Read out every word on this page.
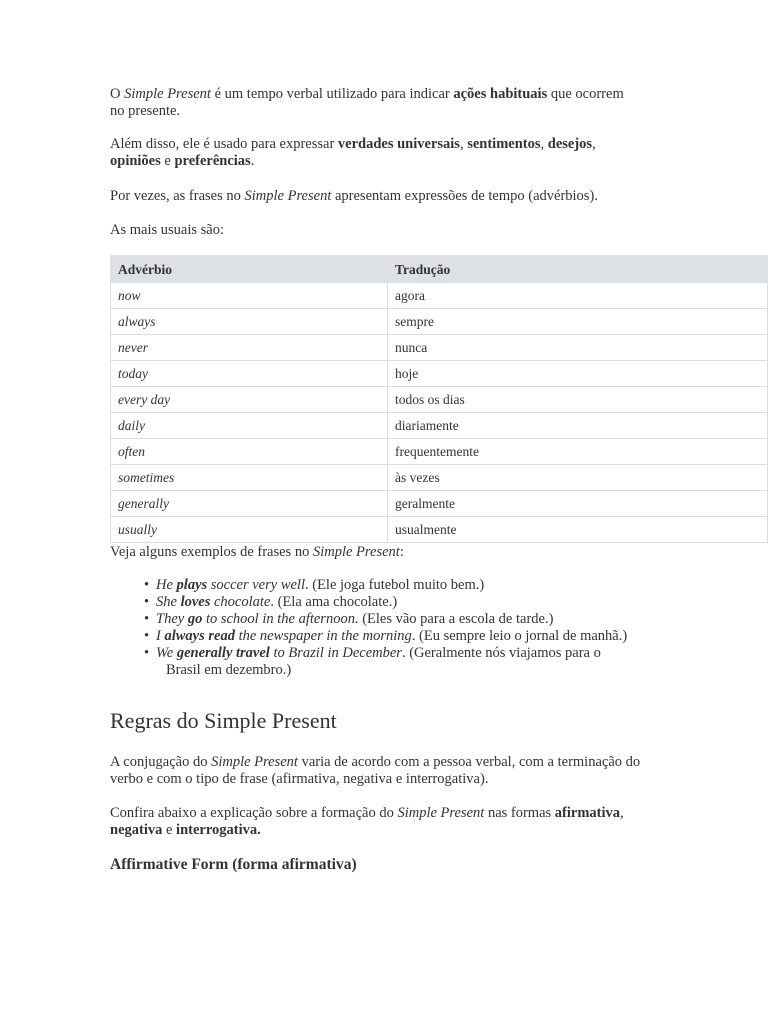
O Simple Present é um tempo verbal utilizado para indicar ações habituais que ocorrem no presente.

Além disso, ele é usado para expressar verdades universais, sentimentos, desejos, opiniões e preferências.

Por vezes, as frases no Simple Present apresentam expressões de tempo (advérbios).

As mais usuais são:

Advérbio	Tradução
now	agora
always	sempre
never	nunca
today	hoje
every day	todos os dias
daily	diariamente
often	frequentemente
sometimes	às vezes
generally	geralmente
usually	usualmente

Veja alguns exemplos de frases no Simple Present:

• He plays soccer very well. (Ele joga futebol muito bem.)
• She loves chocolate. (Ela ama chocolate.)
• They go to school in the afternoon. (Eles vão para a escola de tarde.)
• I always read the newspaper in the morning. (Eu sempre leio o jornal de manhã.)
• We generally travel to Brazil in December. (Geralmente nós viajamos para o Brasil em dezembro.)
Regras do Simple Present

A conjugação do Simple Present varia de acordo com a pessoa verbal, com a terminação do verbo e com o tipo de frase (afirmativa, negativa e interrogativa).

Confira abaixo a explicação sobre a formação do Simple Present nas formas afirmativa, negativa e interrogativa.

Affirmative Form (forma afirmativa)
